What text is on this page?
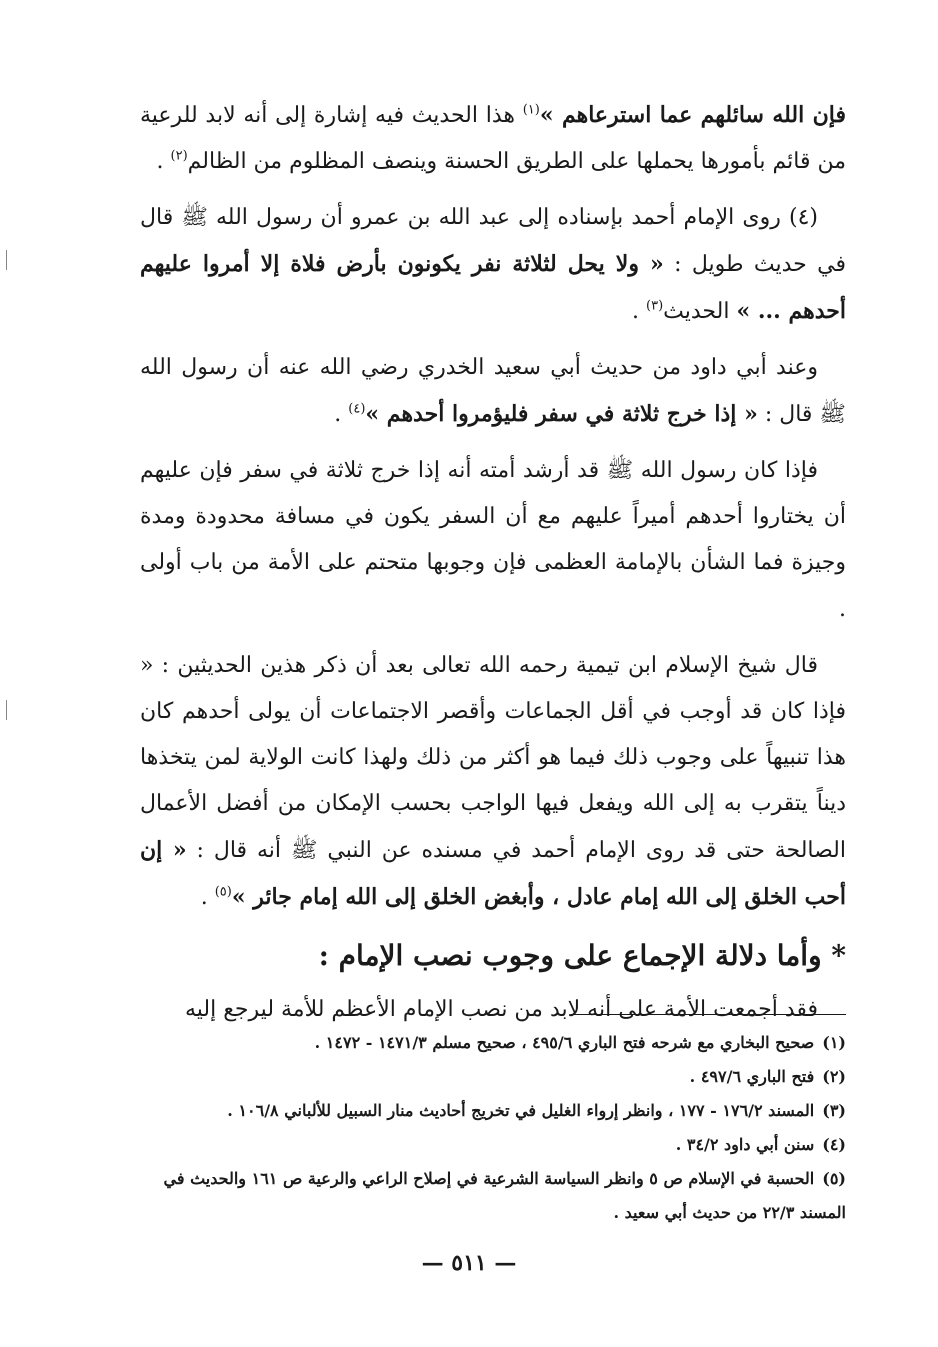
فإن الله سائلهم عما استرعاهم »$^{(١)}$ هذا الحديث فيه إشارة إلى أنه لابد للرعية من قائم بأمورها يحملها على الطريق الحسنة وينصف المظلوم من الظالم$^{(٢)}$ .

(٤) روى الإمام أحمد بإسناده إلى عبد الله بن عمرو أن رسول الله ﷺ قال في حديث طويل : « ولا يحل لثلاثة نفر يكونون بأرض فلاة إلا أمروا عليهم أحدهم ... » الحديث$^{(٣)}$ .

وعند أبي داود من حديث أبي سعيد الخدري رضي الله عنه أن رسول الله ﷺ قال : « إذا خرج ثلاثة في سفر فليؤمروا أحدهم »$^{(٤)}$ .

فإذا كان رسول الله ﷺ قد أرشد أمته أنه إذا خرج ثلاثة في سفر فإن عليهم أن يختاروا أحدهم أميراً عليهم مع أن السفر يكون في مسافة محدودة ومدة وجيزة فما الشأن بالإمامة العظمى فإن وجوبها متحتم على الأمة من باب أولى .

قال شيخ الإسلام ابن تيمية رحمه الله تعالى بعد أن ذكر هذين الحديثين : « فإذا كان قد أوجب في أقل الجماعات وأقصر الاجتماعات أن يولى أحدهم كان هذا تنبيهاً على وجوب ذلك فيما هو أكثر من ذلك ولهذا كانت الولاية لمن يتخذها ديناً يتقرب به إلى الله ويفعل فيها الواجب بحسب الإمكان من أفضل الأعمال الصالحة حتى قد روى الإمام أحمد في مسنده عن النبي ﷺ أنه قال : « إن أحب الخلق إلى الله إمام عادل ، وأبغض الخلق إلى الله إمام جائر »$^{(٥)}$ .

* وأما دلالة الإجماع على وجوب نصب الإمام :

فقد أجمعت الأمة على أنه لابد من نصب الإمام الأعظم للأمة ليرجع إليه

(١)صحيح البخاري مع شرحه فتح الباري ٤٩٥/٦ ، صحيح مسلم ١٤٧١/٣ - ١٤٧٢ .

(٢)فتح الباري ٤٩٧/٦ .

(٣)المسند ١٧٦/٢ - ١٧٧ ، وانظر إرواء الغليل في تخريج أحاديث منار السبيل للألباني ١٠٦/٨ .

(٤)سنن أبي داود ٣٤/٢ .

(٥)الحسبة في الإسلام ص ٥ وانظر السياسة الشرعية في إصلاح الراعي والرعية ص ١٦١ والحديث في المسند ٢٢/٣ من حديث أبي سعيد .

— ٥١١ —
